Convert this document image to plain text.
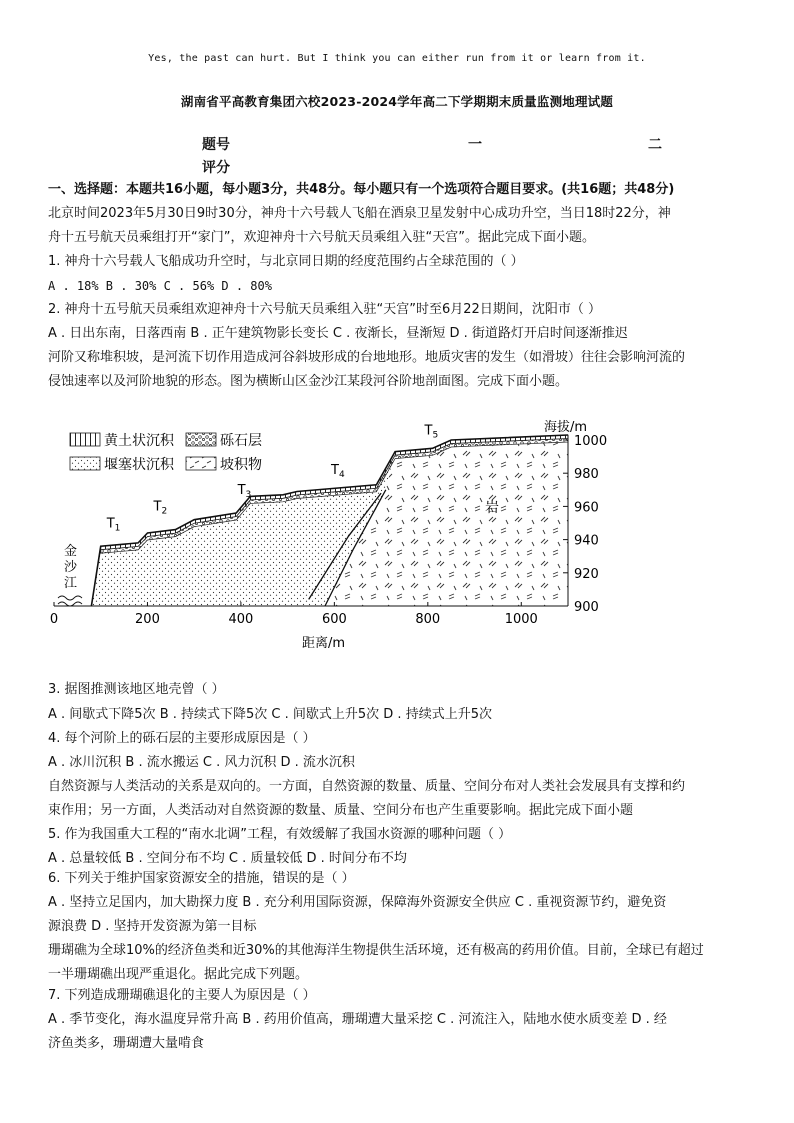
Yes, the past can hurt. But I think you can either run from it or learn from it.
湖南省平高教育集团六校2023-2024学年高二下学期期末质量监测地理试题
题号	一	二
评分
一、选择题：本题共16小题，每小题3分，共48分。每小题只有一个选项符合题目要求。(共16题；共48分)
北京时间2023年5月30日9时30分，神舟十六号载人飞船在酒泉卫星发射中心成功升空，当日18时22分，神
舟十五号航天员乘组打开“家门”，欢迎神舟十六号航天员乘组入驻“天宫”。据此完成下面小题。
1. 神舟十六号载人飞船成功升空时，与北京同日期的经度范围约占全球范围的（ ）
A . 18% B . 30% C . 56% D . 80%
2. 神舟十五号航天员乘组欢迎神舟十六号航天员乘组入驻“天宫”时至6月22日期间，沈阳市（ ）
A . 日出东南，日落西南 B . 正午建筑物影长变长 C . 夜渐长，昼渐短 D . 街道路灯开启时间逐渐推迟
河阶又称堆积坡，是河流下切作用造成河谷斜坡形成的台地地形。地质灾害的发生（如滑坡）往往会影响河流的
侵蚀速率以及河阶地貌的形态。图为横断山区金沙江某段河谷阶地剖面图。完成下面小题。
黄土状沉积	砾石层
堰塞状沉积	坡积物
$T_1$
$T_2$
$T_3$
$T_4$
$T_5$
金
沙
江
岩
0	200	400	600	800	1000
900
920
940
960
980
1000
海拔/m
距离/m
3. 据图推测该地区地壳曾（ ）
A . 间歇式下降5次 B . 持续式下降5次 C . 间歇式上升5次 D . 持续式上升5次
4. 每个河阶上的砾石层的主要形成原因是（ ）
A . 冰川沉积 B . 流水搬运 C . 风力沉积 D . 流水沉积
自然资源与人类活动的关系是双向的。一方面，自然资源的数量、质量、空间分布对人类社会发展具有支撑和约
束作用；另一方面，人类活动对自然资源的数量、质量、空间分布也产生重要影响。据此完成下面小题
5. 作为我国重大工程的“南水北调”工程，有效缓解了我国水资源的哪种问题（ ）
A . 总量较低 B . 空间分布不均 C . 质量较低 D . 时间分布不均
6. 下列关于维护国家资源安全的措施，错误的是（ ）
A . 坚持立足国内，加大勘探力度 B . 充分利用国际资源，保障海外资源安全供应 C . 重视资源节约，避免资
源浪费 D . 坚持开发资源为第一目标
珊瑚礁为全球10%的经济鱼类和近30%的其他海洋生物提供生活环境，还有极高的药用价值。目前，全球已有超过
一半珊瑚礁出现严重退化。据此完成下列题。
7. 下列造成珊瑚礁退化的主要人为原因是（ ）
A . 季节变化，海水温度异常升高 B . 药用价值高，珊瑚遭大量采挖 C . 河流注入，陆地水使水质变差 D . 经
济鱼类多，珊瑚遭大量啃食
